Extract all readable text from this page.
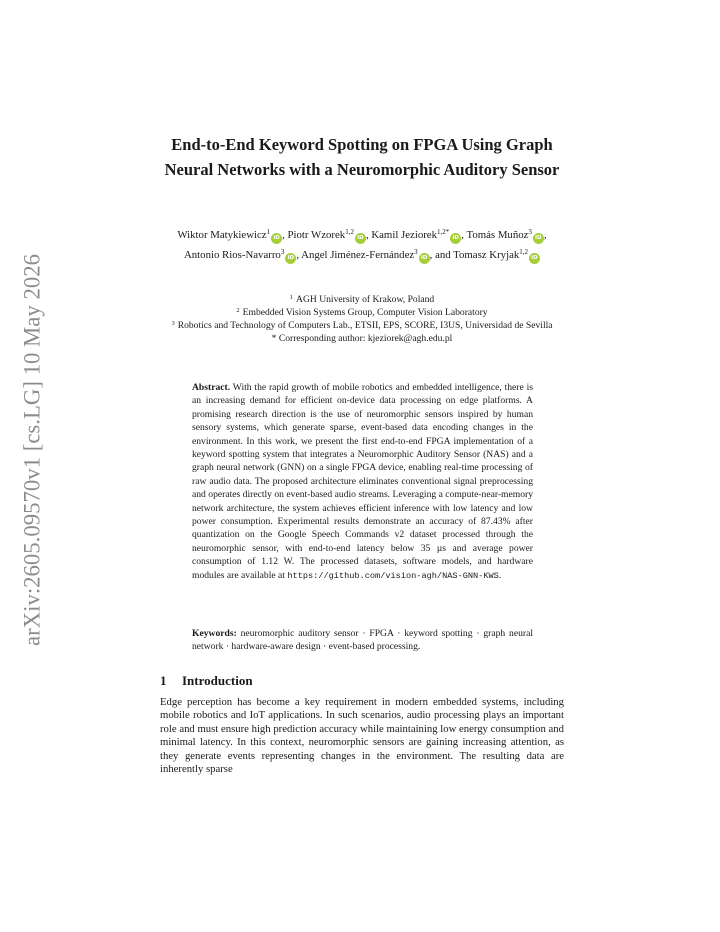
arXiv:2605.09570v1 [cs.LG] 10 May 2026
End-to-End Keyword Spotting on FPGA Using Graph Neural Networks with a Neuromorphic Auditory Sensor
Wiktor Matykiewicz$^1$iD , Piotr Wzorek$^{1,2}$iD , Kamil Jeziorek$^{1,2*}$iD , Tomás Muñoz$^3$iD , Antonio Rios-Navarro$^3$iD , Angel Jiménez-Fernández$^3$iD , and Tomasz Kryjak$^{1,2}$iD
$^1$ AGH University of Krakow, Poland
$^2$ Embedded Vision Systems Group, Computer Vision Laboratory
$^3$ Robotics and Technology of Computers Lab., ETSII, EPS, SCORE, I3US, Universidad de Sevilla
* Corresponding author: kjeziorek@agh.edu.pl
Abstract. With the rapid growth of mobile robotics and embedded intelligence, there is an increasing demand for efficient on-device data processing on edge platforms. A promising research direction is the use of neuromorphic sensors inspired by human sensory systems, which generate sparse, event-based data encoding changes in the environment. In this work, we present the first end-to-end FPGA implementation of a keyword spotting system that integrates a Neuromorphic Auditory Sensor (NAS) and a graph neural network (GNN) on a single FPGA device, enabling real-time processing of raw audio data. The proposed architecture eliminates conventional signal preprocessing and operates directly on event-based audio streams. Leveraging a compute-near-memory network architecture, the system achieves efficient inference with low latency and low power consumption. Experimental results demonstrate an accuracy of 87.43% after quantization on the Google Speech Commands v2 dataset processed through the neuromorphic sensor, with end-to-end latency below 35 µs and average power consumption of 1.12 W. The processed datasets, software models, and hardware modules are available at https://github.com/vision-agh/NAS-GNN-KWS.
Keywords: neuromorphic auditory sensor · FPGA · keyword spotting · graph neural network · hardware-aware design · event-based processing.
1 Introduction
Edge perception has become a key requirement in modern embedded systems, including mobile robotics and IoT applications. In such scenarios, audio processing plays an important role and must ensure high prediction accuracy while maintaining low energy consumption and minimal latency. In this context, neuromorphic sensors are gaining increasing attention, as they generate events representing changes in the environment. The resulting data are inherently sparse
